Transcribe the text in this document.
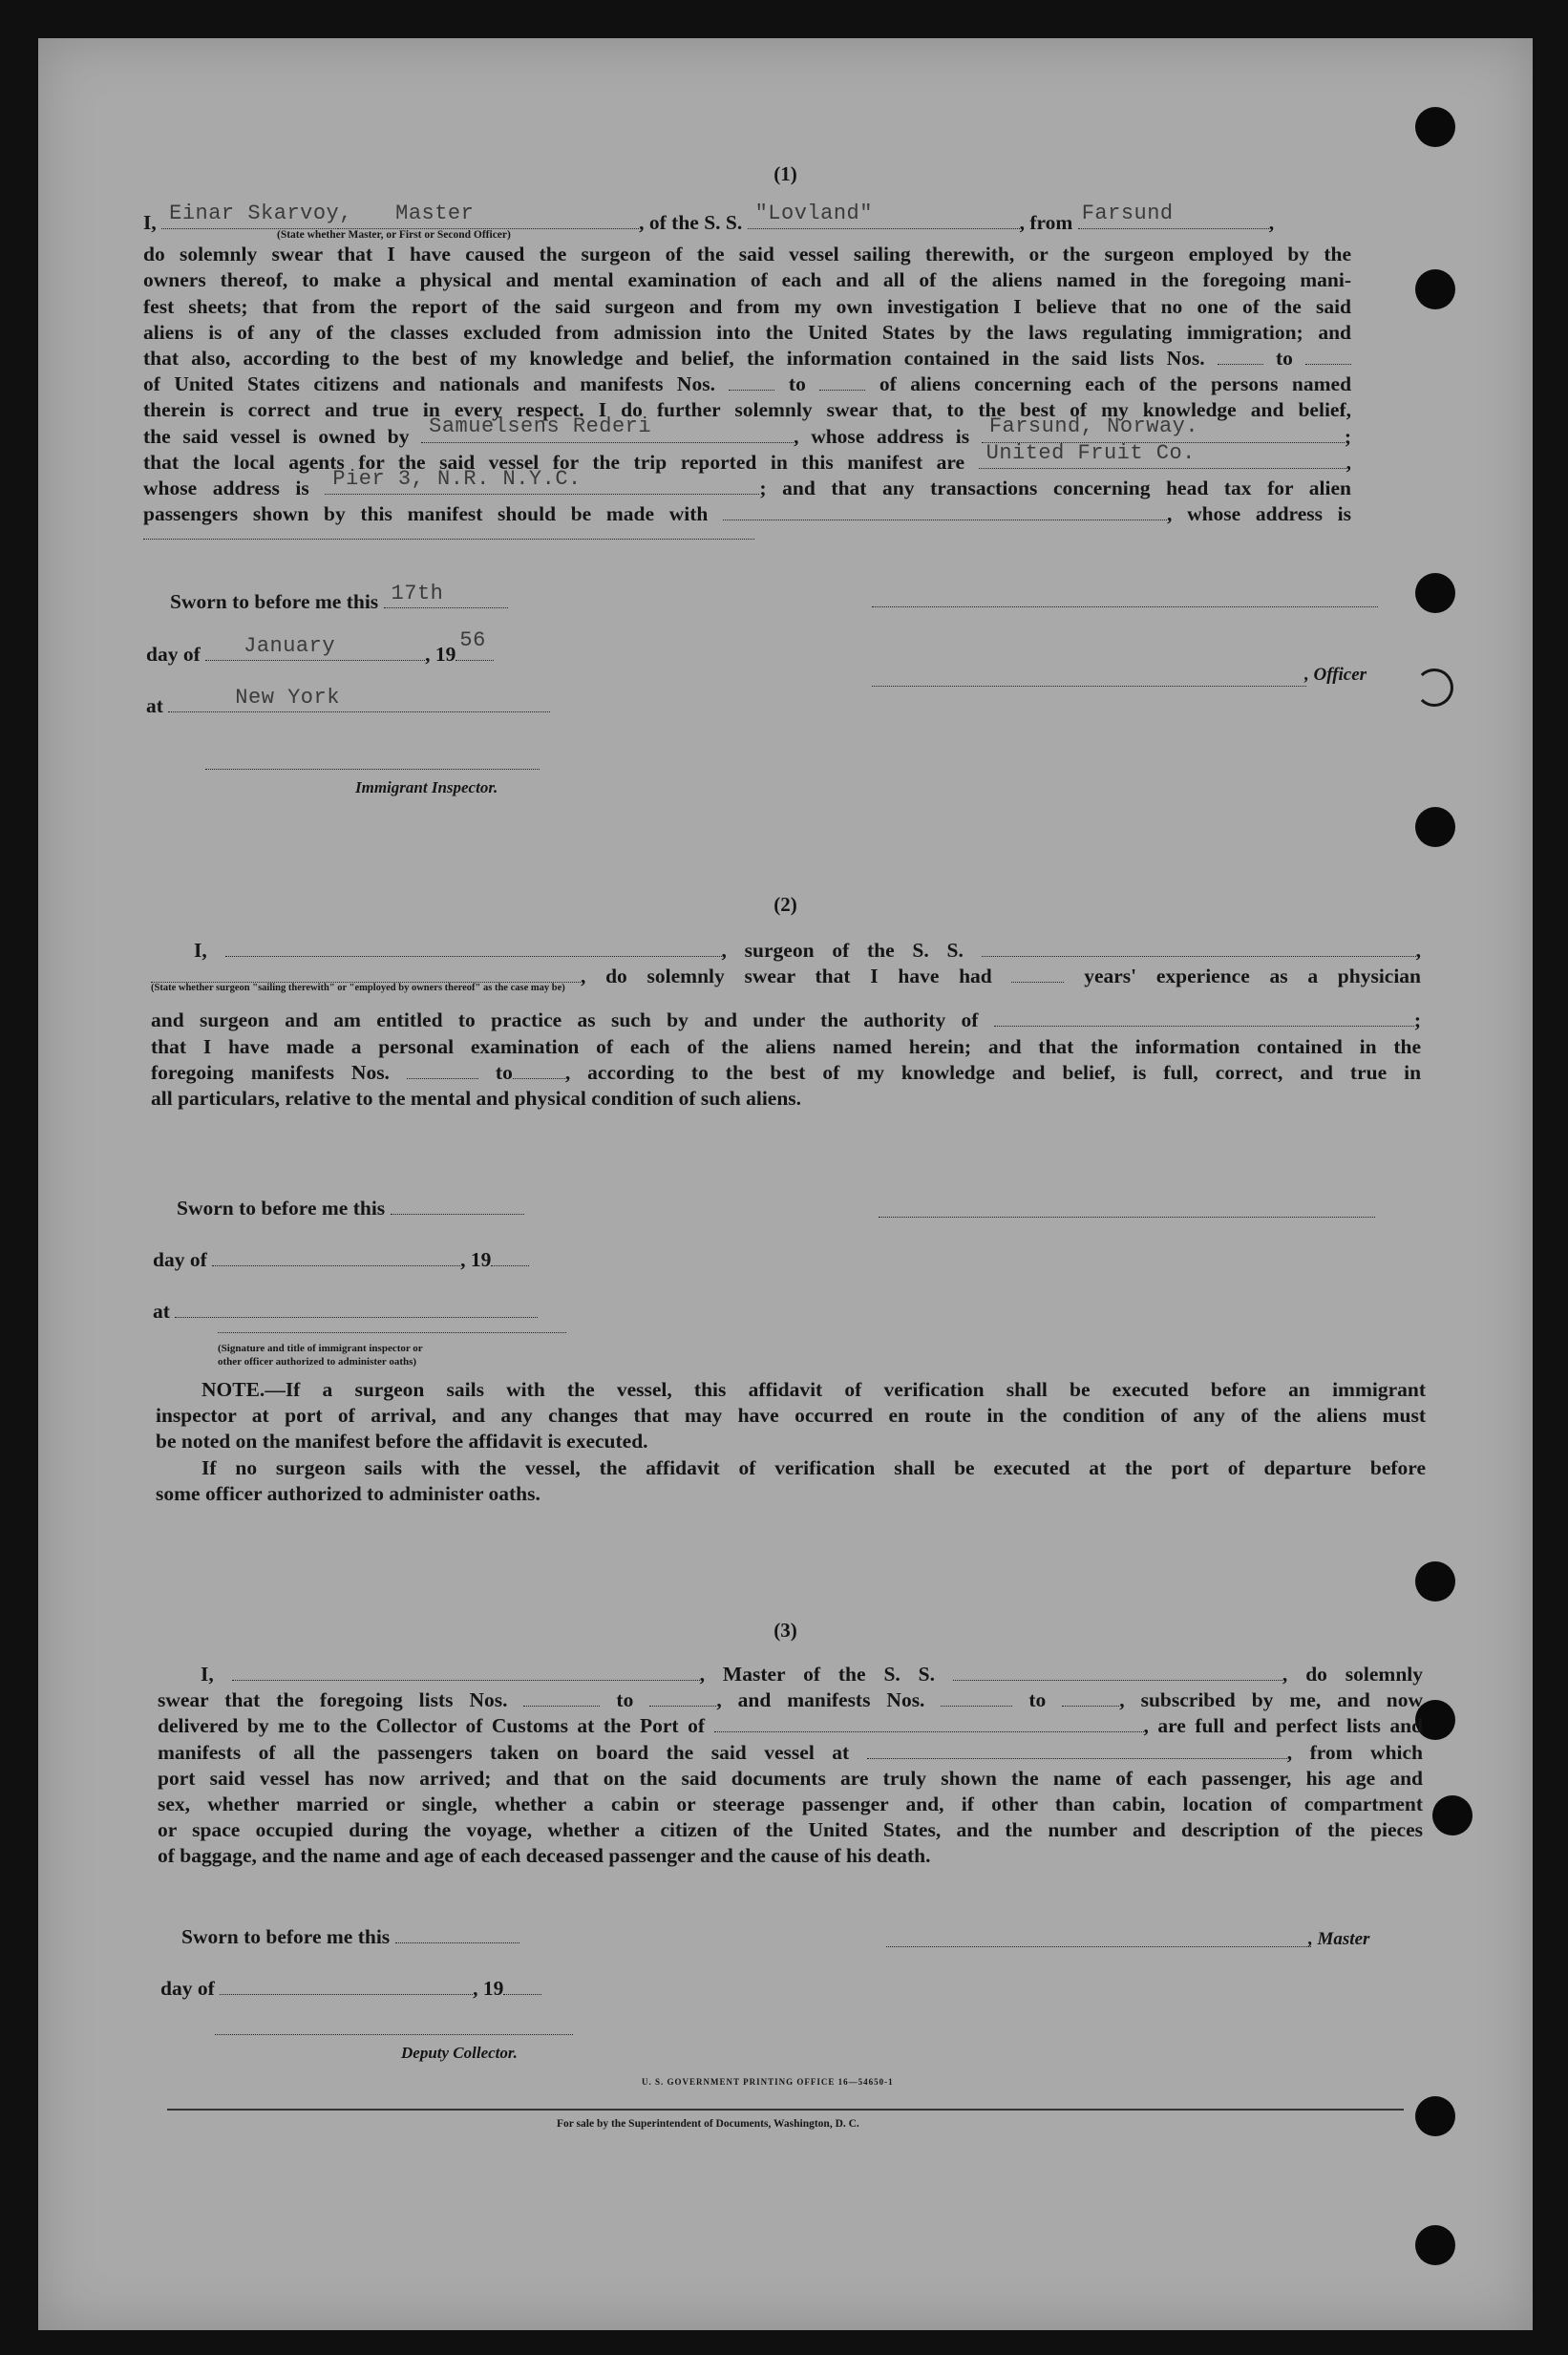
(1)
I, Einar Skarvoy, Master	, of the S. S. "Lovland"	, from Farsund	,
(State whether Master, or First or Second Officer)
do solemnly swear that I have caused the surgeon of the said vessel sailing therewith, or the surgeon employed by the
owners thereof, to make a physical and mental examination of each and all of the aliens named in the foregoing mani-
fest sheets; that from the report of the said surgeon and from my own investigation I believe that no one of the said
aliens is of any of the classes excluded from admission into the United States by the laws regulating immigration; and
that also, according to the best of my knowledge and belief, the information contained in the said lists Nos.	to
of United States citizens and nationals and manifests Nos.	to	of aliens concerning each of the persons named
therein is correct and true in every respect. I do further solemnly swear that, to the best of my knowledge and belief,
the said vessel is owned by Samuelsens Rederi	, whose address is Farsund, Norway.	;
that the local agents for the said vessel for the trip reported in this manifest are United Fruit Co.	,
whose address is Pier 3, N.R. N.Y.C.	; and that any transactions concerning head tax for alien
passengers shown by this manifest should be made with	, whose address is
Sworn to before me this 17th
day of January	, 19
56
at	New York
Immigrant Inspector.
, Officer
(2)
I,	, surgeon of the S. S.	,
, do solemnly swear that I have had	years' experience as a physician
(State whether surgeon "sailing therewith" or "employed by owners thereof" as the case may be)
and surgeon and am entitled to practice as such by and under the authority of	;
that I have made a personal examination of each of the aliens named herein; and that the information contained in the
foregoing manifests Nos.	to	, according to the best of my knowledge and belief, is full, correct, and true in
all particulars, relative to the mental and physical condition of such aliens.
Sworn to before me this
day of	, 19
at
(Signature and title of immigrant inspector or
other officer authorized to administer oaths)
NOTE.—If a surgeon sails with the vessel, this affidavit of verification shall be executed before an immigrant
inspector at port of arrival, and any changes that may have occurred en route in the condition of any of the aliens must
be noted on the manifest before the affidavit is executed.
If no surgeon sails with the vessel, the affidavit of verification shall be executed at the port of departure before
some officer authorized to administer oaths.
(3)
I,	, Master of the S. S.	, do solemnly
swear that the foregoing lists Nos.	to	, and manifests Nos.	to	, subscribed by me, and now
delivered by me to the Collector of Customs at the Port of	, are full and perfect lists and
manifests of all the passengers taken on board the said vessel at	, from which
port said vessel has now arrived; and that on the said documents are truly shown the name of each passenger, his age and
sex, whether married or single, whether a cabin or steerage passenger and, if other than cabin, location of compartment
or space occupied during the voyage, whether a citizen of the United States, and the number and description of the pieces
of baggage, and the name and age of each deceased passenger and the cause of his death.
Sworn to before me this	, Master
day of	, 19
Deputy Collector.
U. S. GOVERNMENT PRINTING OFFICE 16—54650-1
For sale by the Superintendent of Documents, Washington, D. C.
